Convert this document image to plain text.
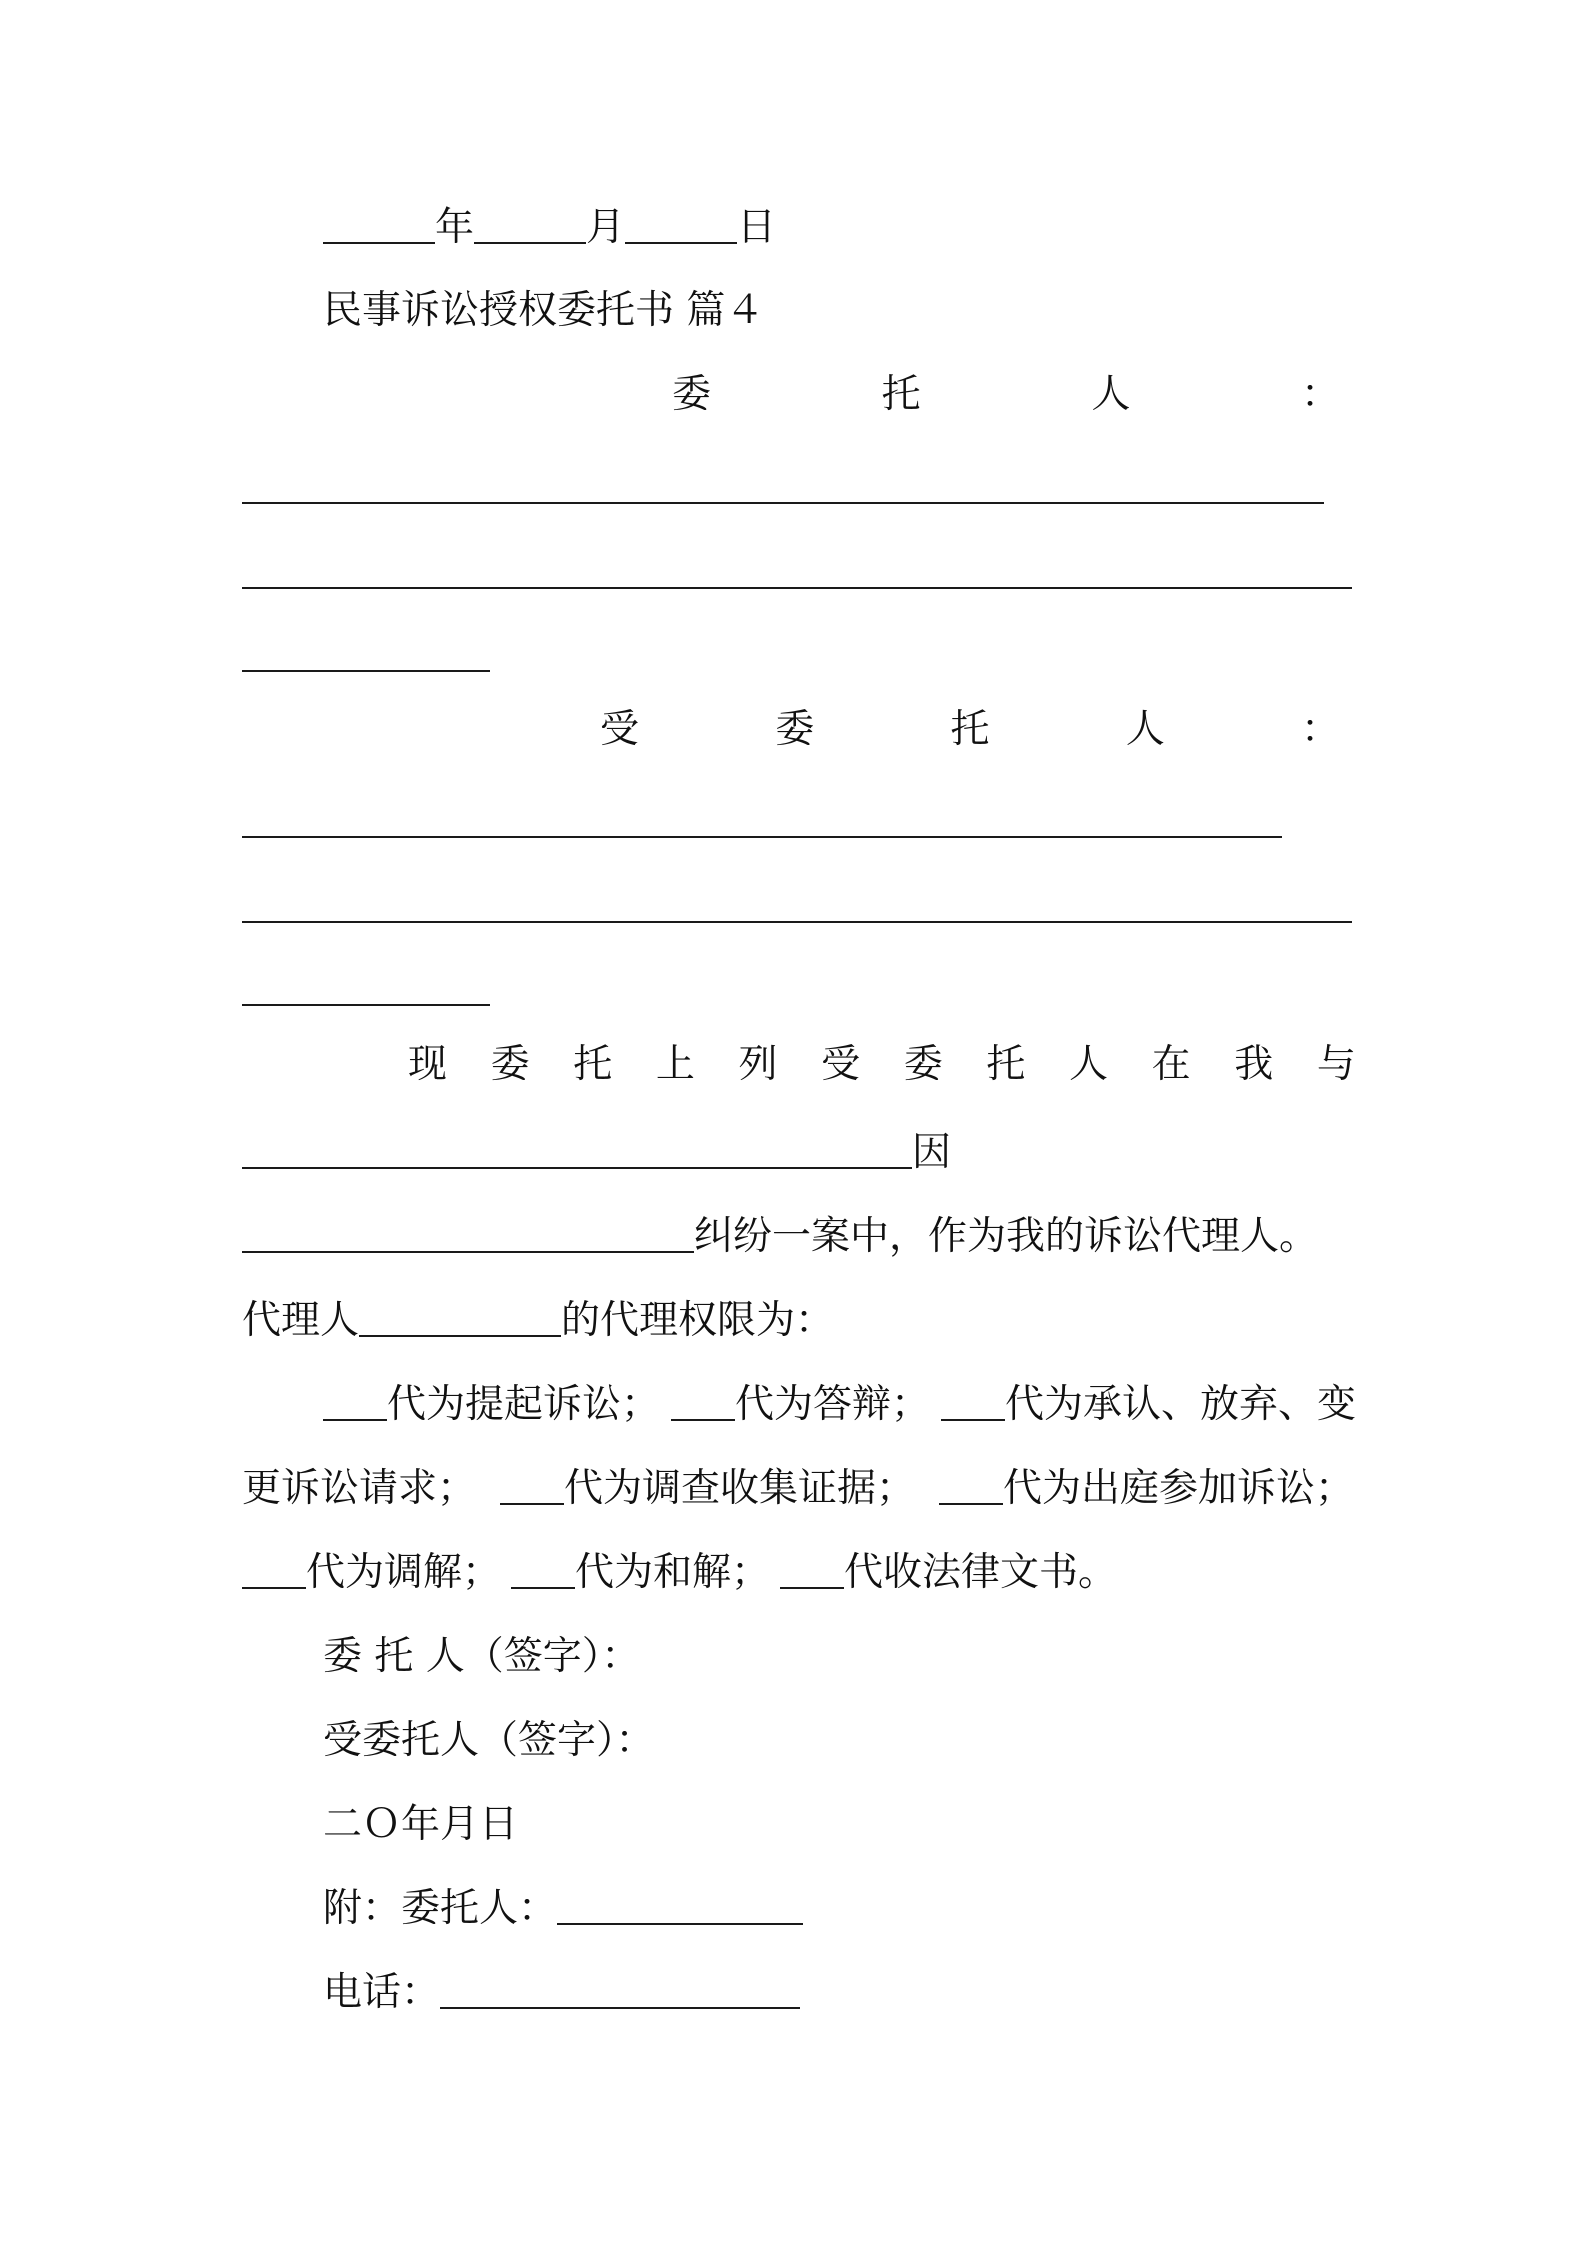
年	月	日
民事诉讼授权委托书 篇４
委	托	人	：
受	委	托	人	：
现 委 托 上 列 受 委 托 人 在 我 与
因
纠纷一案中，作为我的诉讼代理人。
代理人	的代理权限为：
代为提起诉讼；	代为答辩；	代为承认、放弃、变
更诉讼请求；	代为调查收集证据；	代为出庭参加诉讼；
代为调解； 代为和解； 代收法律文书。
委 托 人（签字）：
受委托人（签字）：
二Ｏ年月日
附：委托人：
电话：
